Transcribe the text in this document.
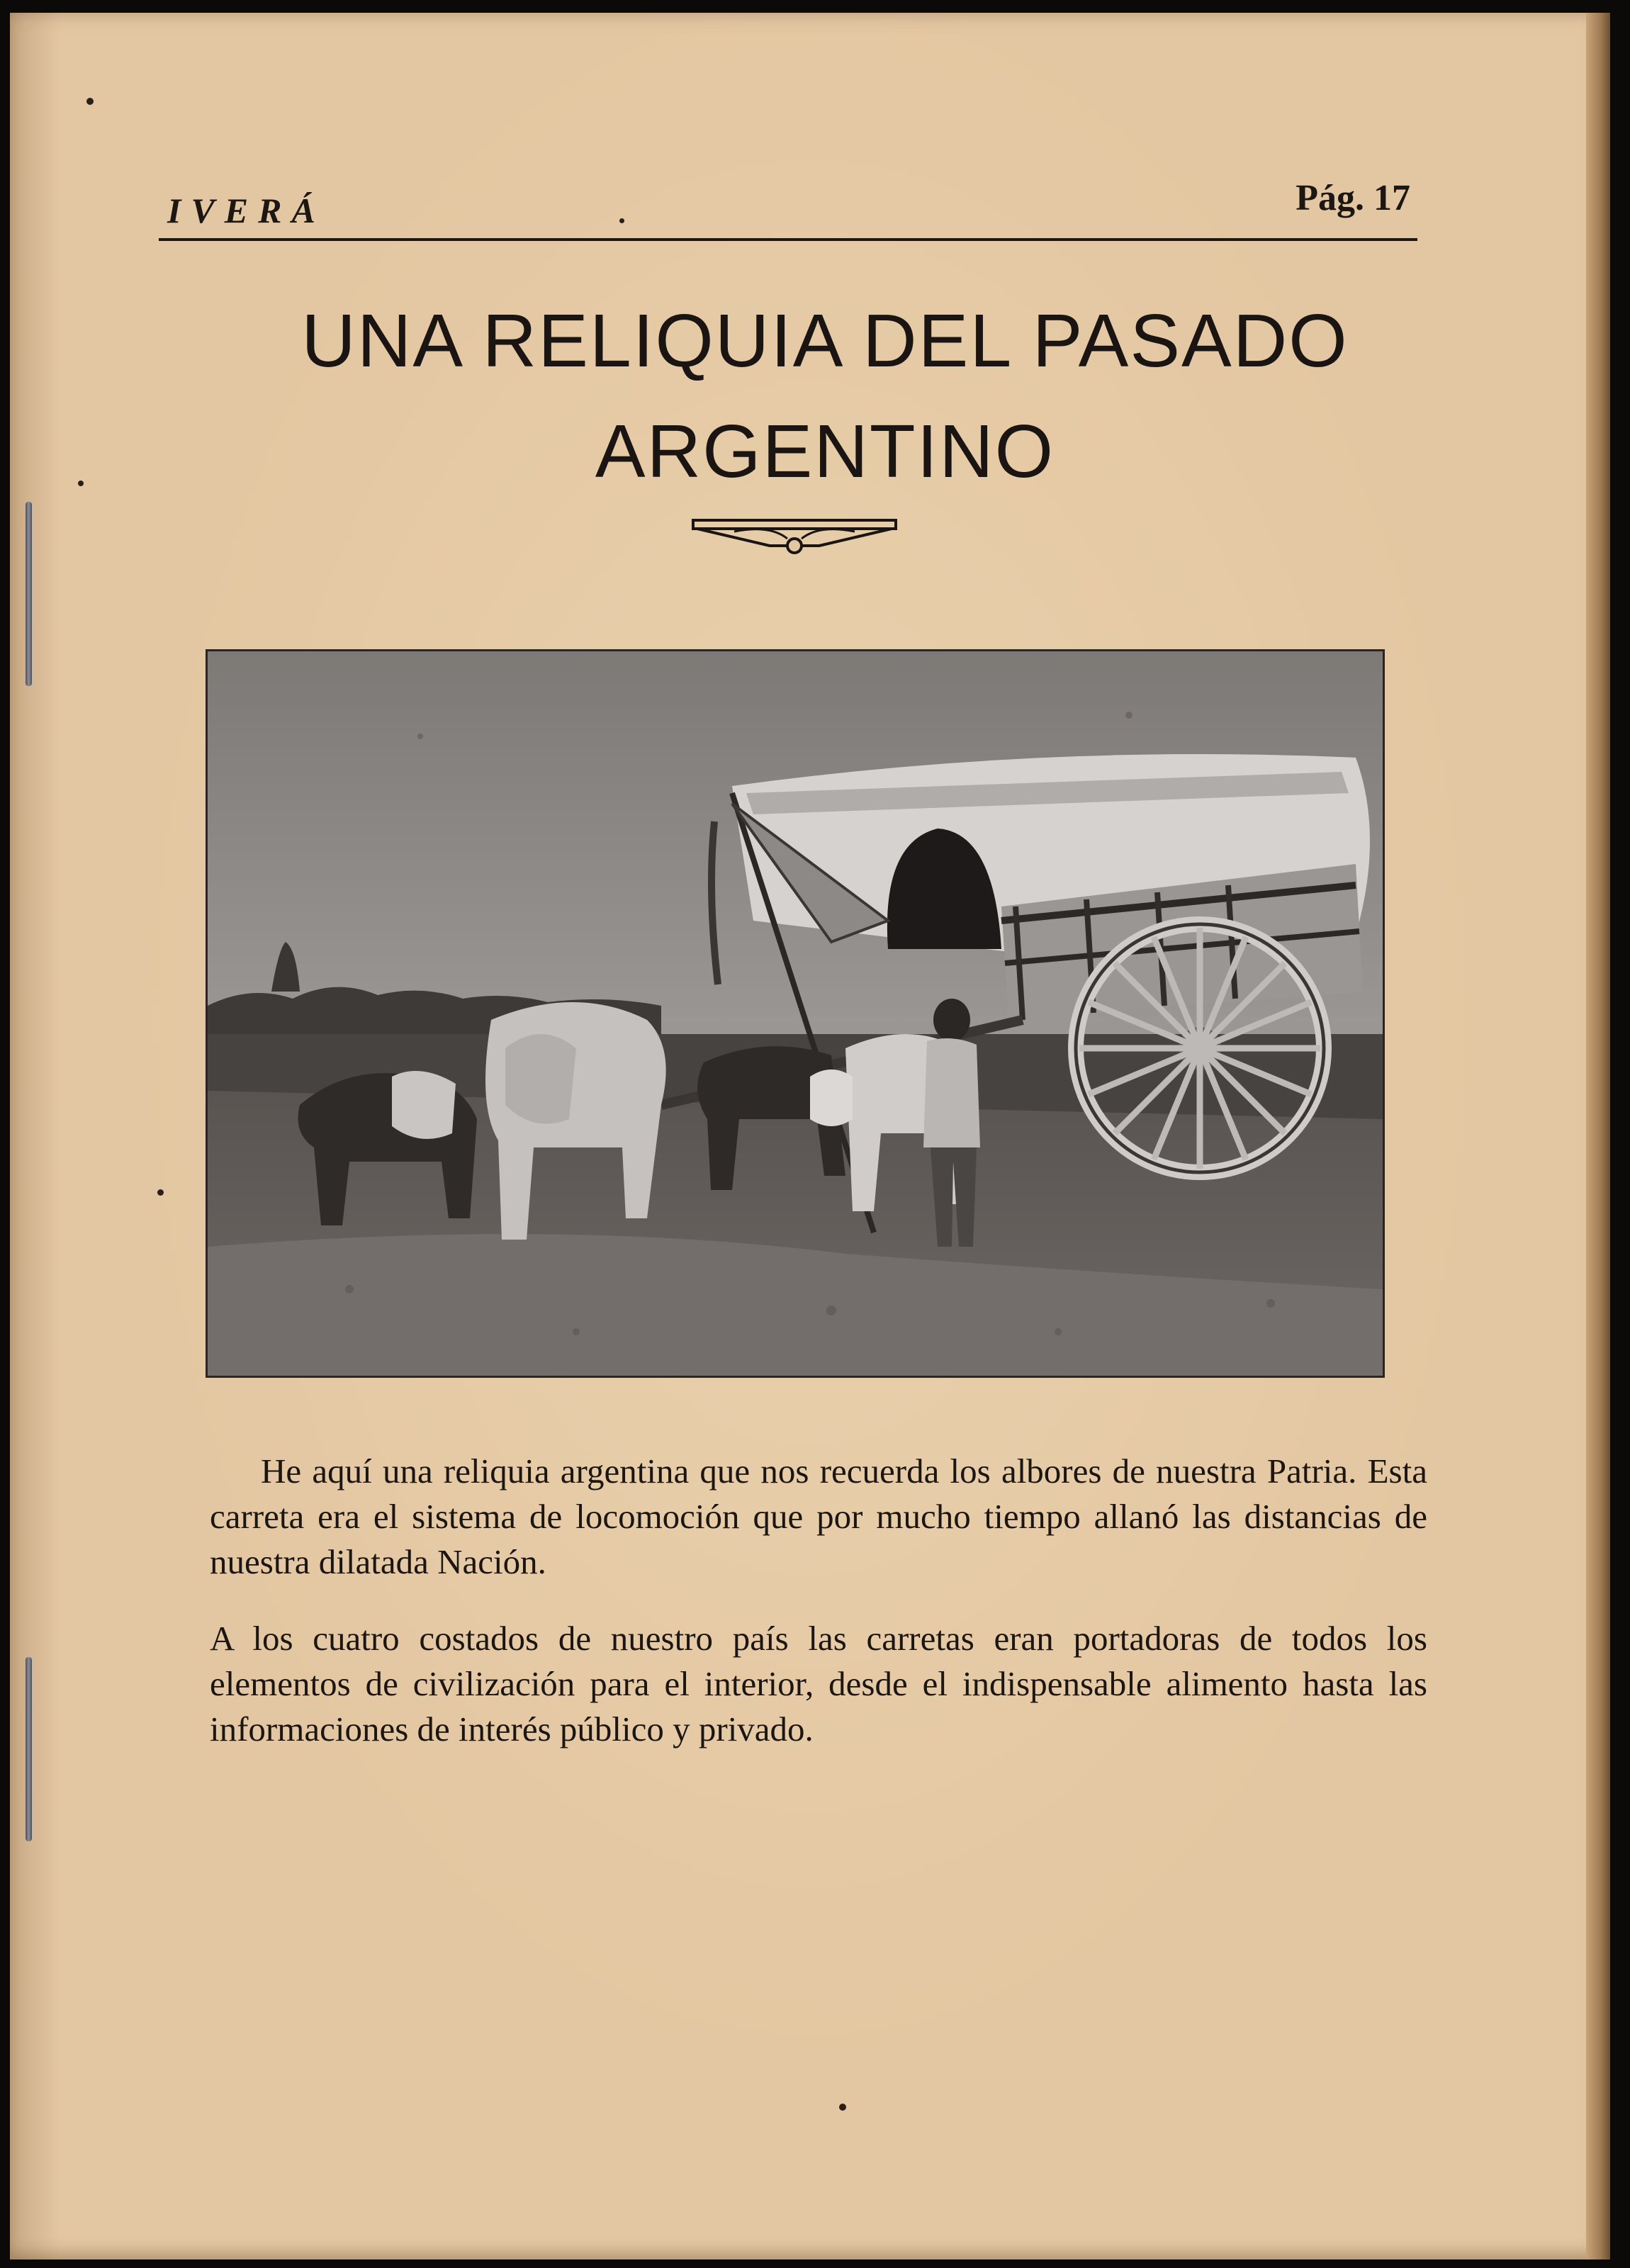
IVERÁ	Pág. 17
UNA RELIQUIA DEL PASADO
ARGENTINO
He aquí una reliquia argentina que nos recuerda los albores de nuestra Patria. Esta carreta era el sistema de locomoción que por mucho tiempo allanó las distancias de nuestra dilatada Nación.
A los cuatro costados de nuestro país las carretas eran portadoras de todos los elementos de civilización para el interior, desde el indispensable alimento hasta las informaciones de interés público y privado.
